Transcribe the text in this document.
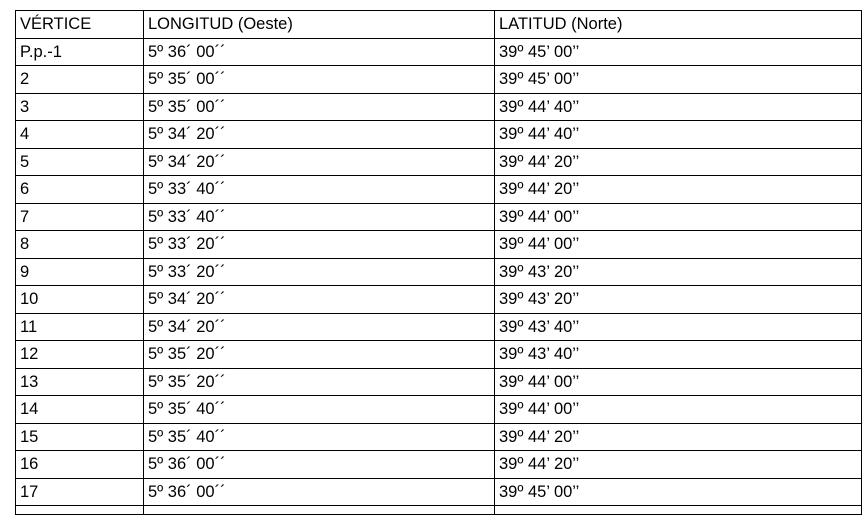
VÉRTICE	LONGITUD (Oeste)	LATITUD (Norte)
P.p.-1	5º 36´ 00´´	39º 45’ 00’’
2	5º 35´ 00´´	39º 45’ 00’’
3	5º 35´ 00´´	39º 44’ 40’’
4	5º 34´ 20´´	39º 44’ 40’’
5	5º 34´ 20´´	39º 44’ 20’’
6	5º 33´ 40´´	39º 44’ 20’’
7	5º 33´ 40´´	39º 44’ 00’’
8	5º 33´ 20´´	39º 44’ 00’’
9	5º 33´ 20´´	39º 43’ 20’’
10	5º 34´ 20´´	39º 43’ 20’’
11	5º 34´ 20´´	39º 43’ 40’’
12	5º 35´ 20´´	39º 43’ 40’’
13	5º 35´ 20´´	39º 44’ 00’’
14	5º 35´ 40´´	39º 44’ 00’’
15	5º 35´ 40´´	39º 44’ 20’’
16	5º 36´ 00´´	39º 44’ 20’’
17	5º 36´ 00´´	39º 45’ 00’’
